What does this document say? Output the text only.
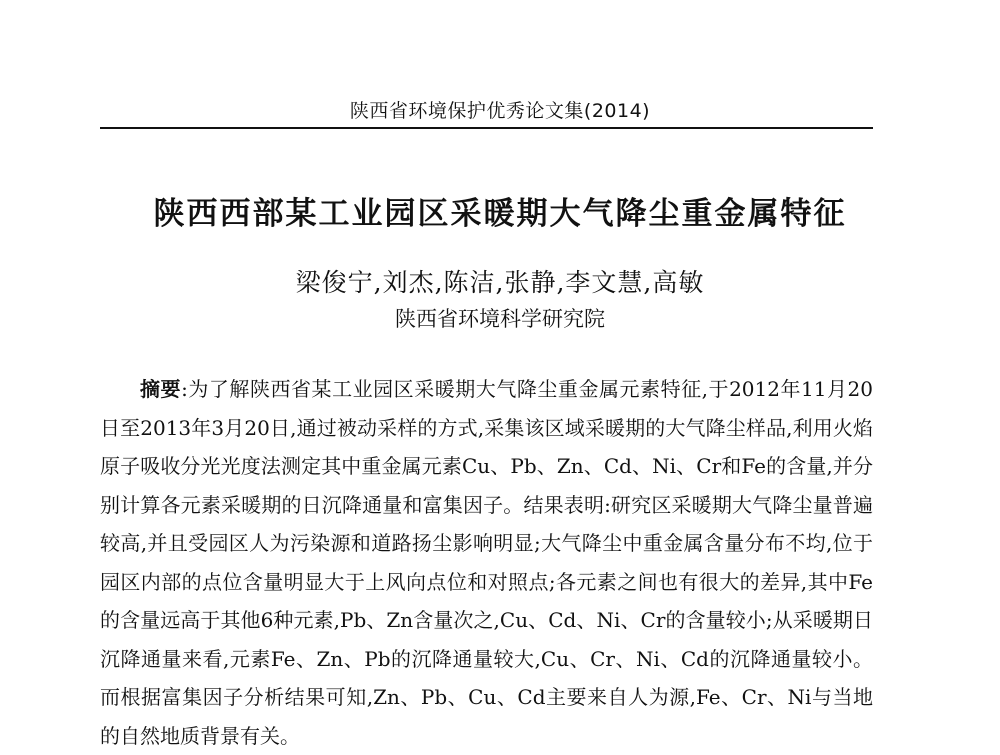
陕西省环境保护优秀论文集(2014)
陕西西部某工业园区采暖期大气降尘重金属特征
梁俊宁,刘杰,陈洁,张静,李文慧,高敏
陕西省环境科学研究院
摘要:为了解陕西省某工业园区采暖期大气降尘重金属元素特征,于2012年11月20日至2013年3月20日,通过被动采样的方式,采集该区域采暖期的大气降尘样品,利用火焰原子吸收分光光度法测定其中重金属元素Cu、Pb、Zn、Cd、Ni、Cr和Fe的含量,并分别计算各元素采暖期的日沉降通量和富集因子。结果表明:研究区采暖期大气降尘量普遍较高,并且受园区人为污染源和道路扬尘影响明显;大气降尘中重金属含量分布不均,位于园区内部的点位含量明显大于上风向点位和对照点;各元素之间也有很大的差异,其中Fe的含量远高于其他6种元素,Pb、Zn含量次之,Cu、Cd、Ni、Cr的含量较小;从采暖期日沉降通量来看,元素Fe、Zn、Pb的沉降通量较大,Cu、Cr、Ni、Cd的沉降通量较小。而根据富集因子分析结果可知,Zn、Pb、Cu、Cd主要来自人为源,Fe、Cr、Ni与当地的自然地质背景有关。
